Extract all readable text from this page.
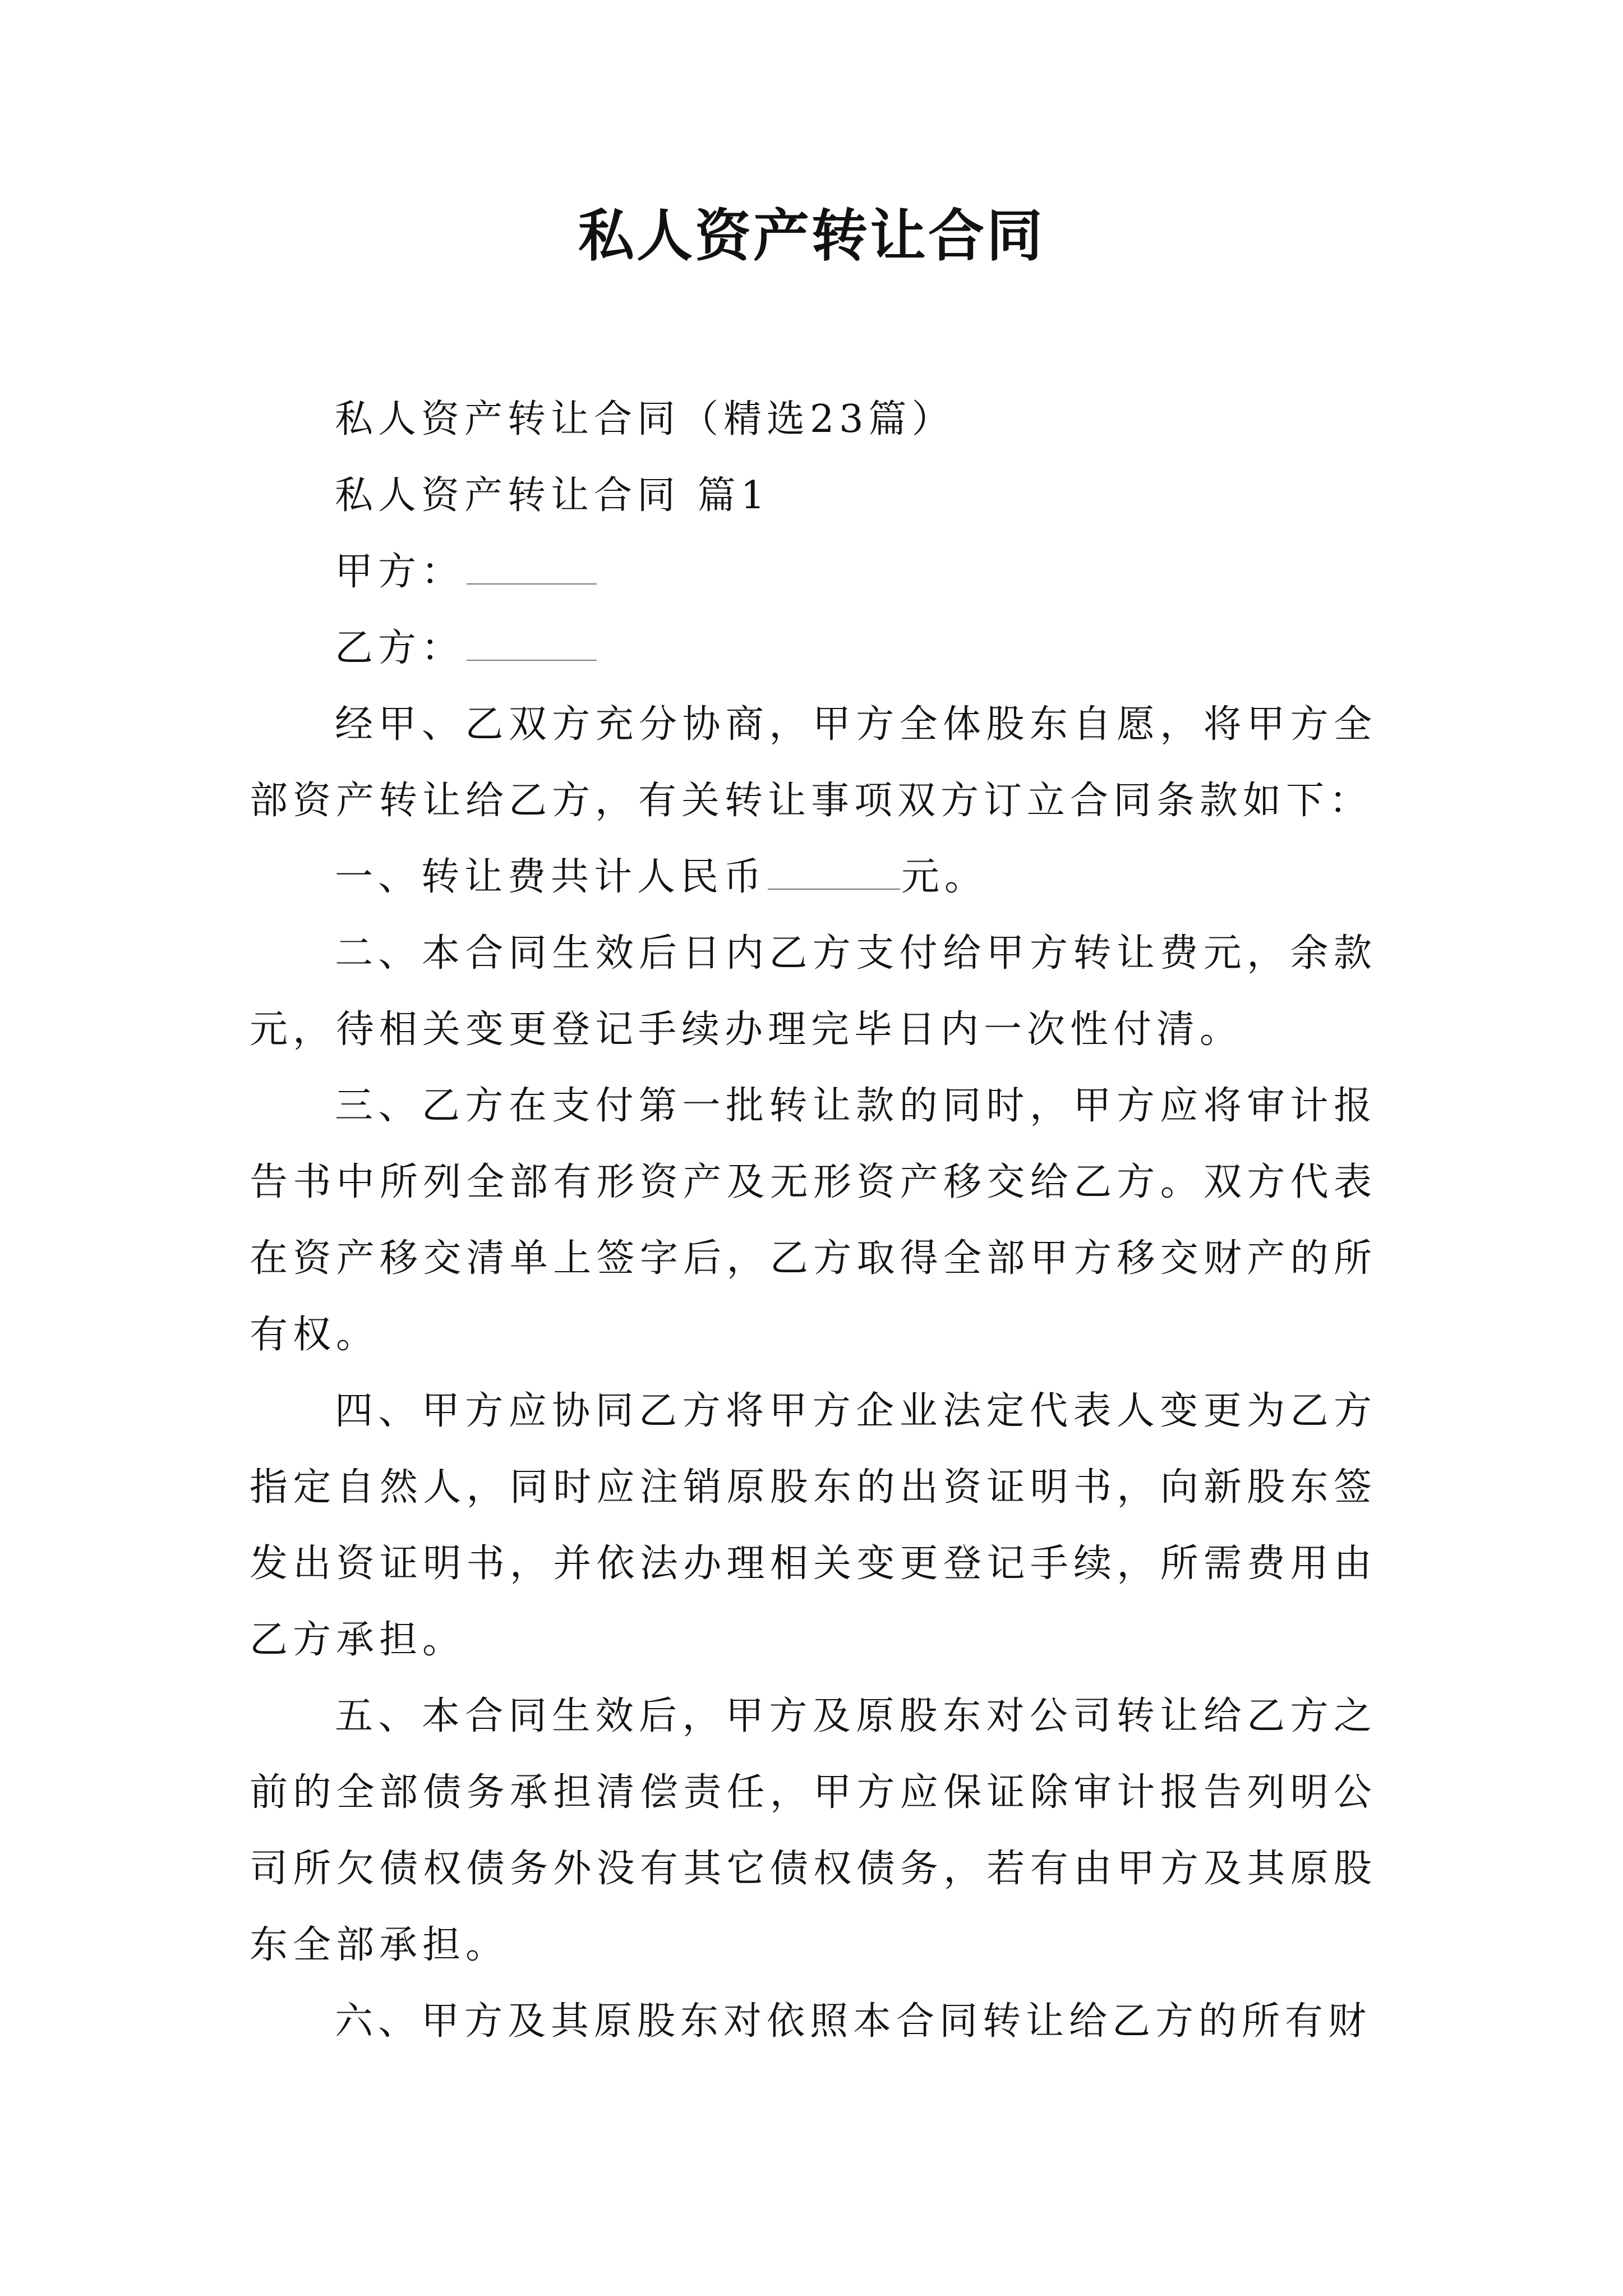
私人资产转让合同

私人资产转让合同（精选23篇）

私人资产转让合同 篇1

甲方：

乙方：

经甲、乙双方充分协商，甲方全体股东自愿，将甲方全部资产转让给乙方，有关转让事项双方订立合同条款如下：

一、转让费共计人民币	元。

二、本合同生效后日内乙方支付给甲方转让费元，余款元，待相关变更登记手续办理完毕日内一次性付清。

三、乙方在支付第一批转让款的同时，甲方应将审计报告书中所列全部有形资产及无形资产移交给乙方。双方代表在资产移交清单上签字后，乙方取得全部甲方移交财产的所有权。

四、甲方应协同乙方将甲方企业法定代表人变更为乙方指定自然人，同时应注销原股东的出资证明书，向新股东签发出资证明书，并依法办理相关变更登记手续，所需费用由乙方承担。

五、本合同生效后，甲方及原股东对公司转让给乙方之前的全部债务承担清偿责任，甲方应保证除审计报告列明公司所欠债权债务外没有其它债权债务，若有由甲方及其原股东全部承担。

六、甲方及其原股东对依照本合同转让给乙方的所有财
